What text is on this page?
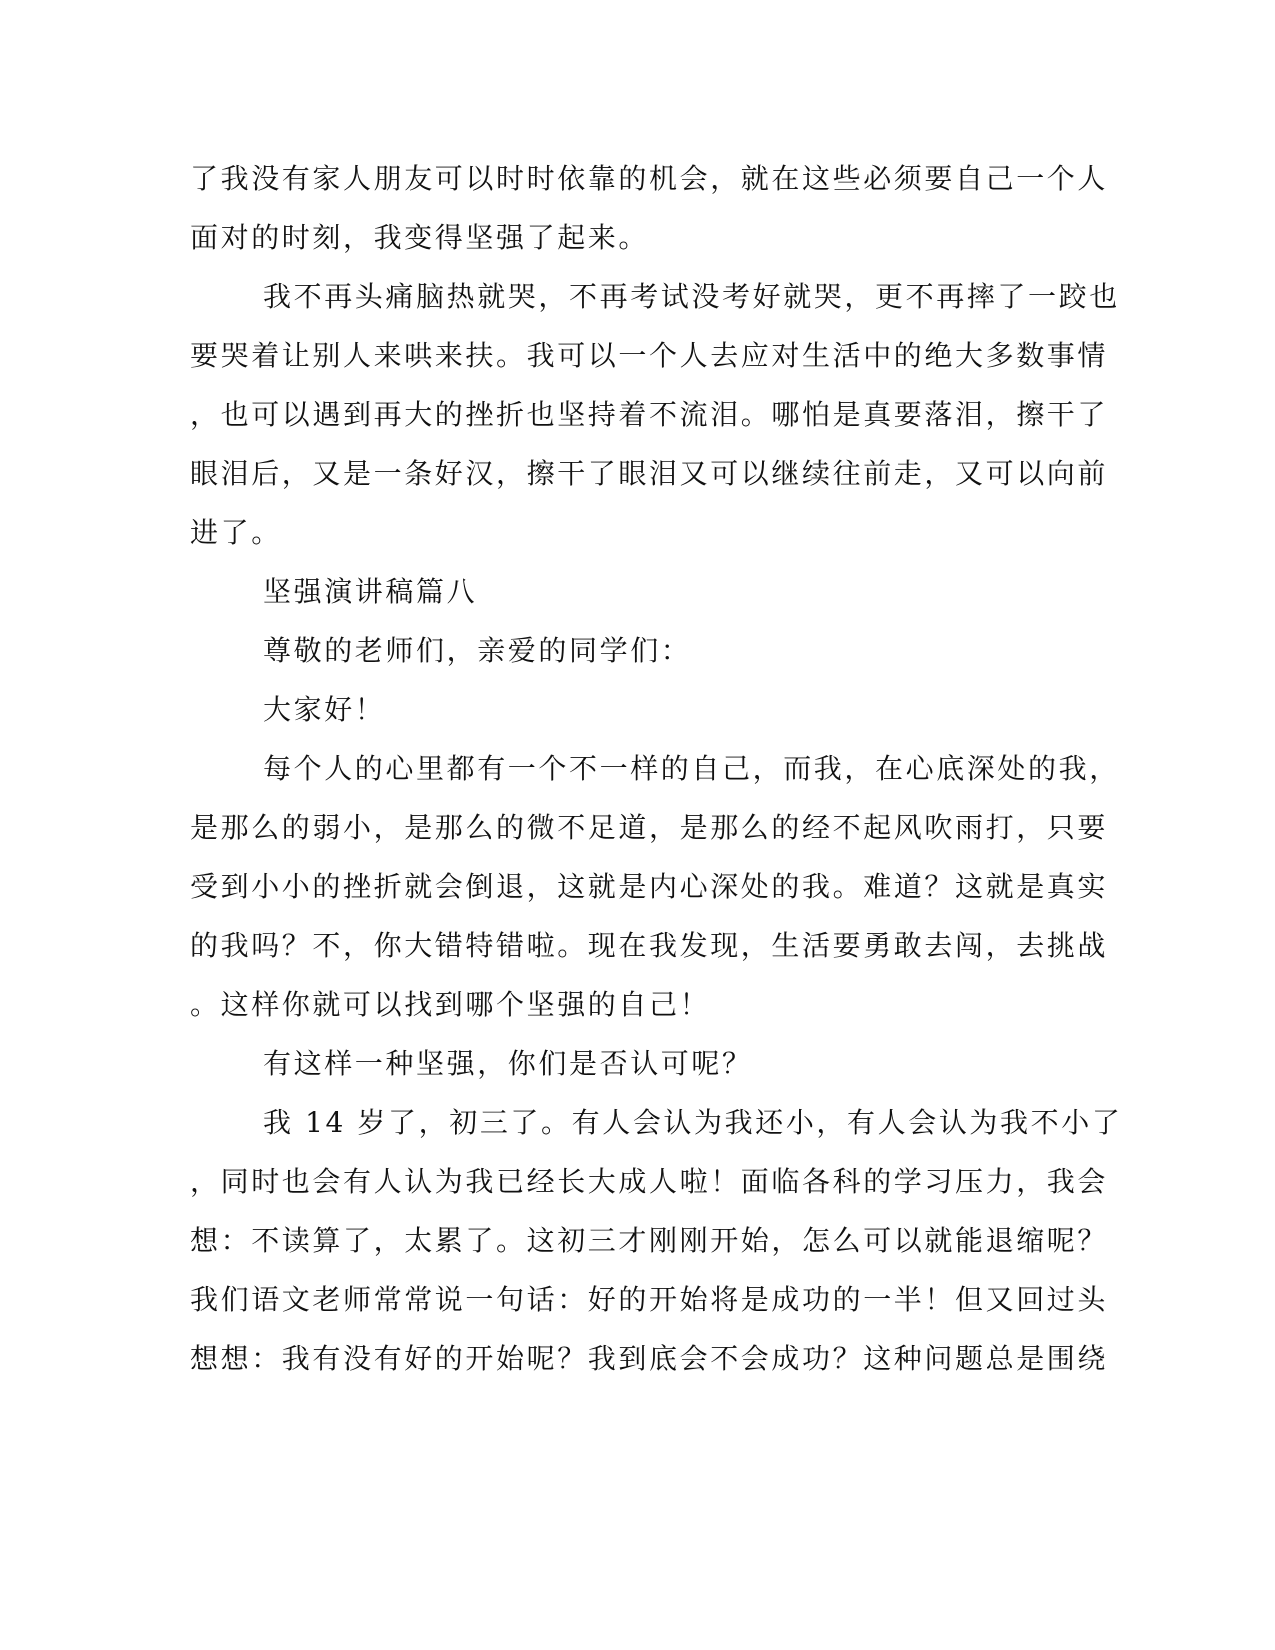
了我没有家人朋友可以时时依靠的机会，就在这些必须要自己一个人
面对的时刻，我变得坚强了起来。
我不再头痛脑热就哭，不再考试没考好就哭，更不再摔了一跤也
要哭着让别人来哄来扶。我可以一个人去应对生活中的绝大多数事情
，也可以遇到再大的挫折也坚持着不流泪。哪怕是真要落泪，擦干了
眼泪后，又是一条好汉，擦干了眼泪又可以继续往前走，又可以向前
进了。
坚强演讲稿篇八
尊敬的老师们，亲爱的同学们：
大家好！
每个人的心里都有一个不一样的自己，而我，在心底深处的我，
是那么的弱小，是那么的微不足道，是那么的经不起风吹雨打，只要
受到小小的挫折就会倒退，这就是内心深处的我。难道？这就是真实
的我吗？不，你大错特错啦。现在我发现，生活要勇敢去闯，去挑战
。这样你就可以找到哪个坚强的自己！
有这样一种坚强，你们是否认可呢？
我 14 岁了，初三了。有人会认为我还小，有人会认为我不小了
，同时也会有人认为我已经长大成人啦！面临各科的学习压力，我会
想：不读算了，太累了。这初三才刚刚开始，怎么可以就能退缩呢？
我们语文老师常常说一句话：好的开始将是成功的一半！但又回过头
想想：我有没有好的开始呢？我到底会不会成功？这种问题总是围绕
